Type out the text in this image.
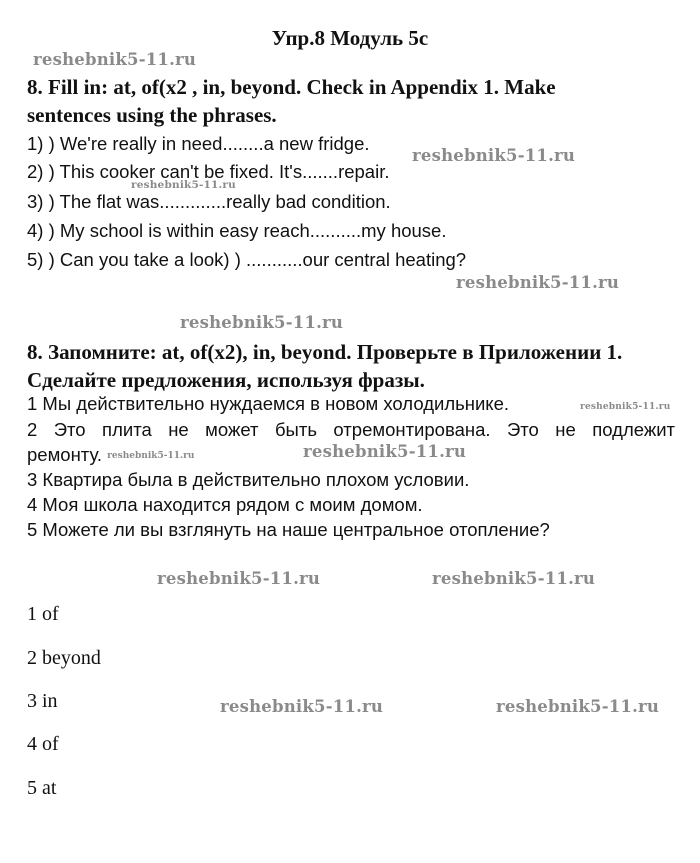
Упр.8 Модуль 5с
reshebnik5-11.ru
8. Fill in: at, of(x2 , in, beyond. Check in Appendix 1. Make
sentences using the phrases.
1) ) We're really in need........a new fridge.
reshebnik5-11.ru
2) ) This cooker can't be fixed. It's.......repair.
reshebnik5-11.ru
3) ) The flat was.............really bad condition.
4) ) My school is within easy reach..........my house.
5) ) Can you take a look) ) ...........our central heating?
reshebnik5-11.ru
reshebnik5-11.ru
8. Запомните: at, of(x2), in, beyond. Проверьте в Приложении 1.
Сделайте предложения, используя фразы.
1 Мы действительно нуждаемся в новом холодильнике.	reshebnik5-11.ru
2 Это плита не может быть отремонтирована. Это не подлежит
ремонту. reshebnik5-11.ru	reshebnik5-11.ru
3 Квартира была в действительно плохом условии.
4 Моя школа находится рядом с моим домом.
5 Можете ли вы взглянуть на наше центральное отопление?
reshebnik5-11.ru	reshebnik5-11.ru
1 of
2 beyond
3 in	reshebnik5-11.ru	reshebnik5-11.ru
4 of
5 at
